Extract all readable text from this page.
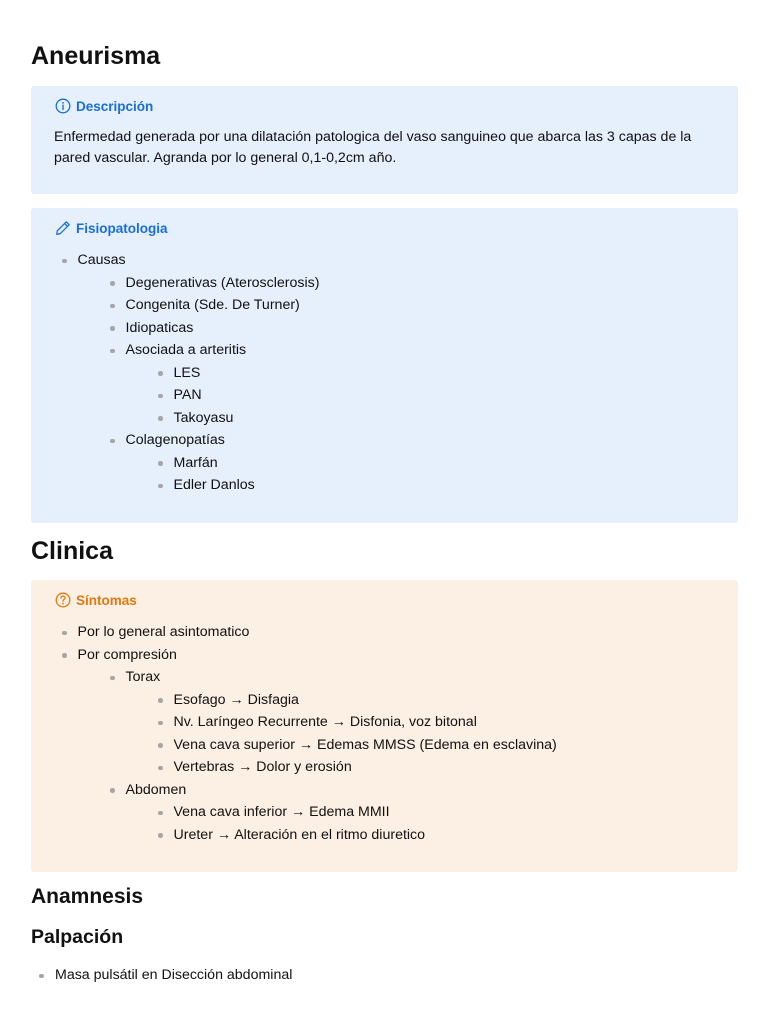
Aneurisma
Descripción

Enfermedad generada por una dilatación patologica del vaso sanguineo que abarca las 3 capas de la pared vascular. Agranda por lo general 0,1-0,2cm año.

Fisiopatologia
Causas
Degenerativas (Aterosclerosis)
Congenita (Sde. De Turner)
Idiopaticas
Asociada a arteritis
LES
PAN
Takoyasu
Colagenopatías
Marfán
Edler Danlos
Clinica
Síntomas
Por lo general asintomatico
Por compresión
Torax
Esofago → Disfagia
Nv. Laríngeo Recurrente → Disfonia, voz bitonal
Vena cava superior → Edemas MMSS (Edema en esclavina)
Vertebras → Dolor y erosión
Abdomen
Vena cava inferior → Edema MMII
Ureter → Alteración en el ritmo diuretico
Anamnesis
Palpación
Masa pulsátil en Disección abdominal
